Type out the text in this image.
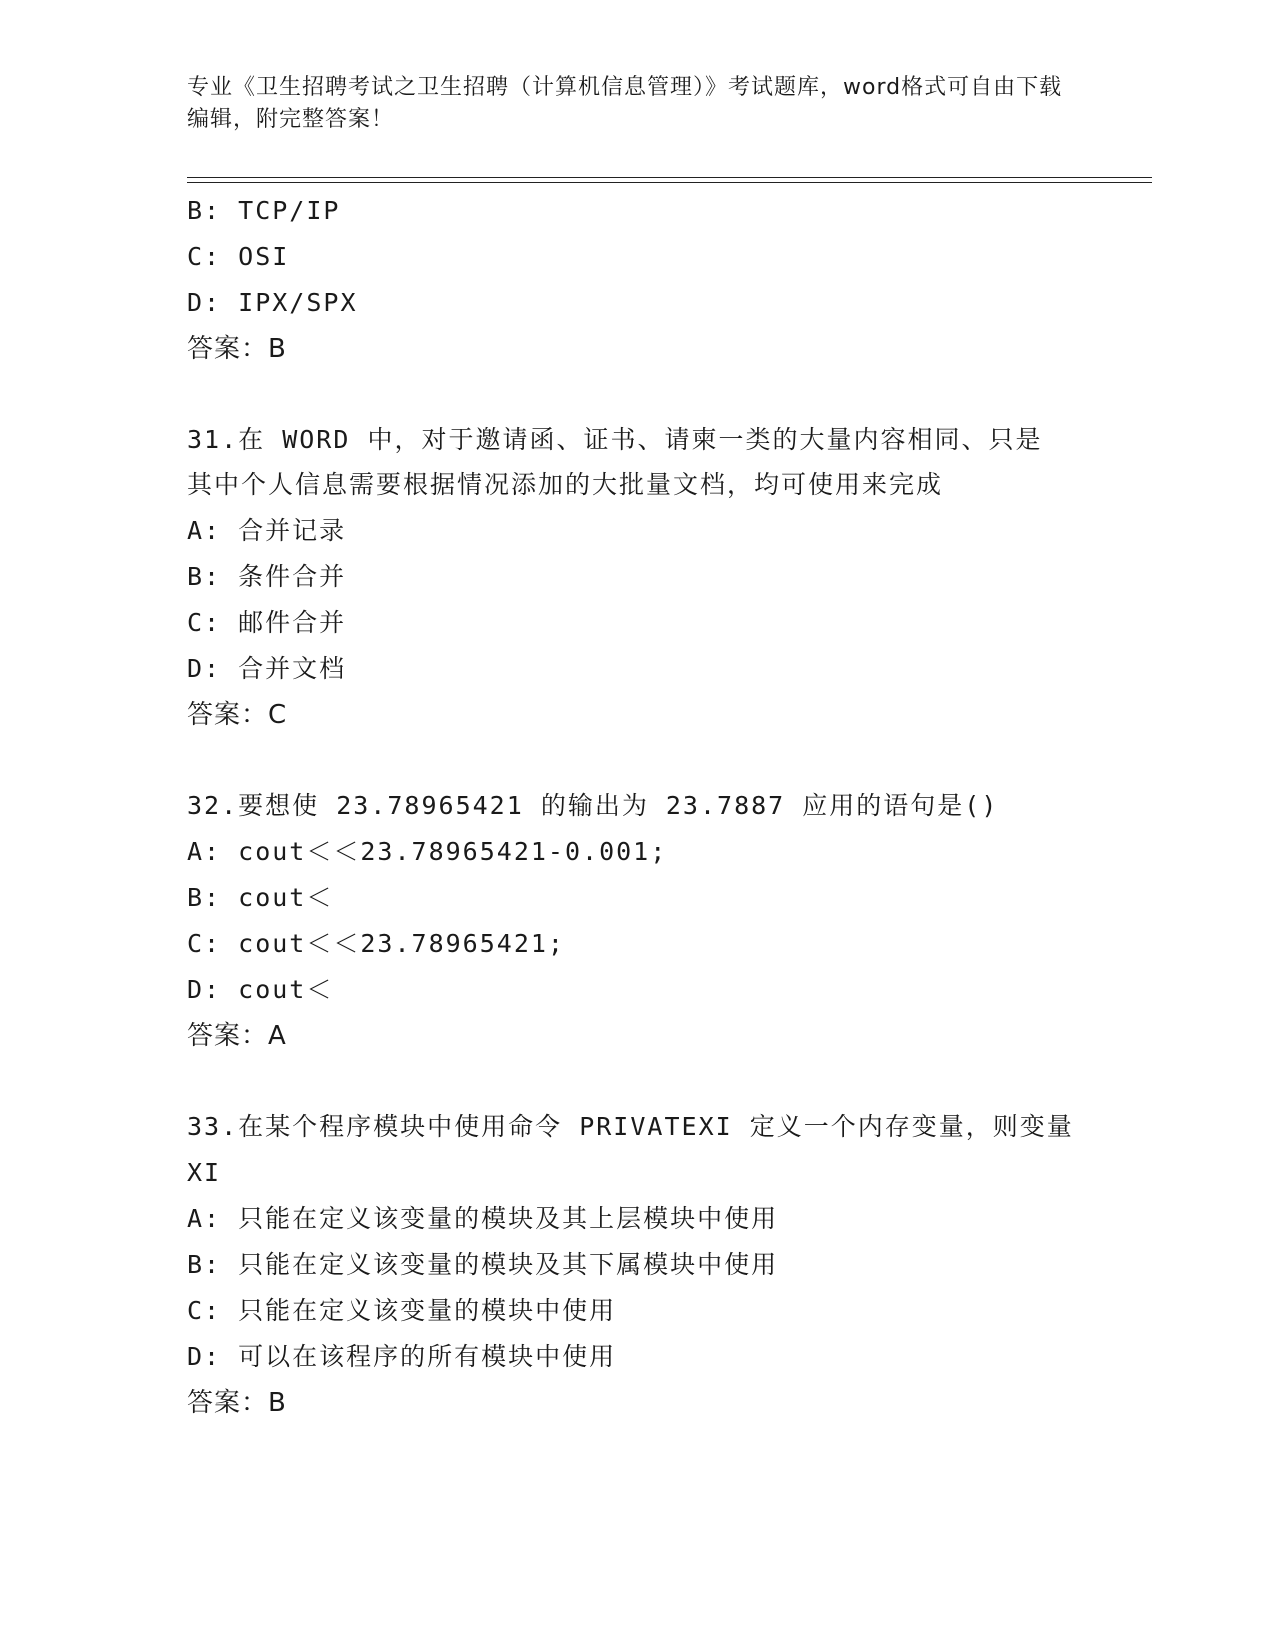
专业《卫生招聘考试之卫生招聘（计算机信息管理）》考试题库，word格式可自由下载编辑，附完整答案！
B: TCP/IP
C: OSI
D: IPX/SPX
答案：B
31.在 WORD 中，对于邀请函、证书、请柬一类的大量内容相同、只是
其中个人信息需要根据情况添加的大批量文档，均可使用来完成
A: 合并记录
B: 条件合并
C: 邮件合并
D: 合并文档
答案：C
32.要想使 23.78965421 的输出为 23.7887 应用的语句是()
A: cout＜＜23.78965421-0.001;
B: cout＜
C: cout＜＜23.78965421;
D: cout＜
答案：A
33.在某个程序模块中使用命令 PRIVATEXI 定义一个内存变量，则变量
XI
A: 只能在定义该变量的模块及其上层模块中使用
B: 只能在定义该变量的模块及其下属模块中使用
C: 只能在定义该变量的模块中使用
D: 可以在该程序的所有模块中使用
答案：B
